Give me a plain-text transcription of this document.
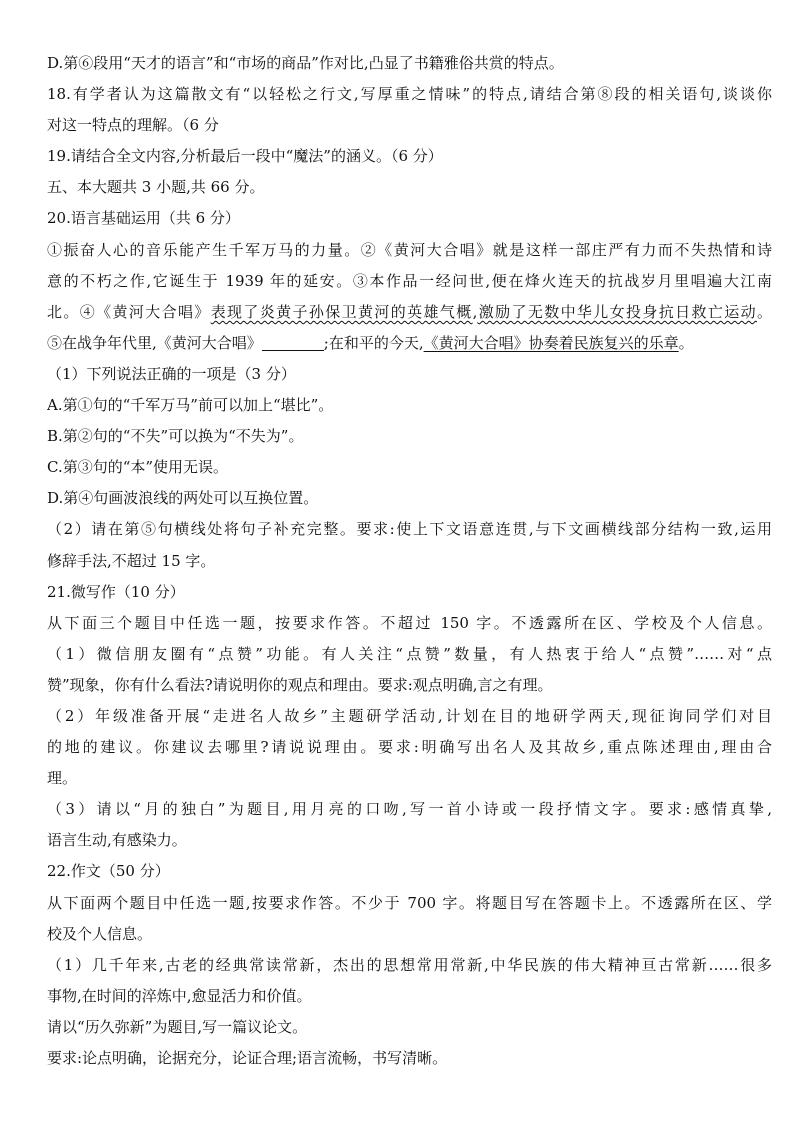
D.第⑥段用“天才的语言”和“市场的商品”作对比,凸显了书籍雅俗共赏的特点。
18.有学者认为这篇散文有“以轻松之行文,写厚重之情味”的特点,请结合第⑧段的相关语句,谈谈你
对这一特点的理解。（6 分
19.请结合全文内容,分析最后一段中“魔法”的涵义。（6 分）
五、本大题共 3 小题,共 66 分。
20.语言基础运用（共 6 分）
①振奋人心的音乐能产生千军万马的力量。②《黄河大合唱》就是这样一部庄严有力而不失热情和诗
意的不朽之作,它诞生于 1939 年的延安。③本作品一经问世,便在烽火连天的抗战岁月里唱遍大江南
北。④《黄河大合唱》表现了炎黄子孙保卫黄河的英雄气概,激励了无数中华儿女投身抗日救亡运动。
⑤在战争年代里,《黄河大合唱》	;在和平的今天,《黄河大合唱》协奏着民族复兴的乐章。
（1）下列说法正确的一项是（3 分）
A.第①句的“千军万马”前可以加上“堪比”。
B.第②句的“不失”可以换为“不失为”。
C.第③句的“本”使用无误。
D.第④句画波浪线的两处可以互换位置。
（2）请在第⑤句横线处将句子补充完整。要求:使上下文语意连贯,与下文画横线部分结构一致,运用
修辞手法,不超过 15 字。
21.微写作（10 分）
从下面三个题目中任选一题，按要求作答。不超过 150 字。不透露所在区、学校及个人信息。
（1）微信朋友圈有“点赞”功能。有人关注“点赞”数量，有人热衷于给人“点赞”……对“点
赞”现象，你有什么看法?请说明你的观点和理由。要求:观点明确,言之有理。
（2）年级准备开展“走进名人故乡”主题研学活动,计划在目的地研学两天,现征询同学们对目
的地的建议。你建议去哪里?请说说理由。要求:明确写出名人及其故乡,重点陈述理由,理由合
理。
（3）请以“月的独白”为题目,用月亮的口吻,写一首小诗或一段抒情文字。要求:感情真挚,
语言生动,有感染力。
22.作文（50 分）
从下面两个题目中任选一题,按要求作答。不少于 700 字。将题目写在答题卡上。不透露所在区、学
校及个人信息。
（1）几千年来,古老的经典常读常新，杰出的思想常用常新,中华民族的伟大精神亘古常新……很多
事物,在时间的淬炼中,愈显活力和价值。
请以“历久弥新”为题目,写一篇议论文。
要求:论点明确，论据充分，论证合理;语言流畅，书写清晰。
